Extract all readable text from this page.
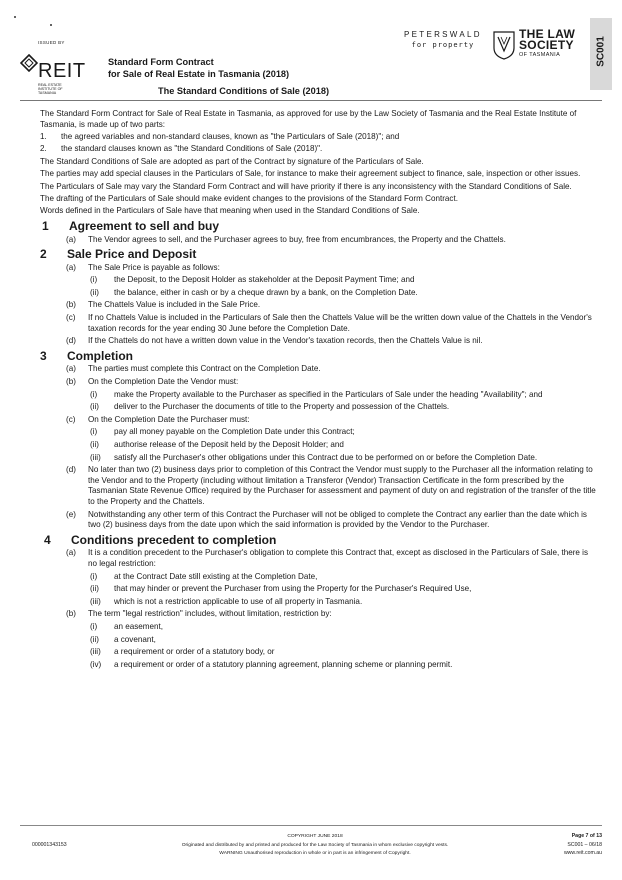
ISSUED BY
REIT
REAL ESTATE INSTITUTE OF TASMANIA
Standard Form Contract
for Sale of Real Estate in Tasmania (2018)
The Standard Conditions of Sale (2018)
PETERSWALD
for property
THE LAW
SOCIETY
OF TASMANIA	SC001

The Standard Form Contract for Sale of Real Estate in Tasmania, as approved for use by the Law Society of Tasmania and the Real Estate Institute of Tasmania, is made up of two parts:

1.	the agreed variables and non-standard clauses, known as "the Particulars of Sale (2018)"; and
2.	the standard clauses known as "the Standard Conditions of Sale (2018)".

The Standard Conditions of Sale are adopted as part of the Contract by signature of the Particulars of Sale.

The parties may add special clauses in the Particulars of Sale, for instance to make their agreement subject to finance, sale, inspection or other issues.

The Particulars of Sale may vary the Standard Form Contract and will have priority if there is any inconsistency with the Standard Conditions of Sale.

The drafting of the Particulars of Sale should make evident changes to the provisions of the Standard Form Contract.

Words defined in the Particulars of Sale have that meaning when used in the Standard Conditions of Sale.

1	Agreement to sell and buy
(a)	The Vendor agrees to sell, and the Purchaser agrees to buy, free from encumbrances, the Property and the Chattels.
2	Sale Price and Deposit
(a)	The Sale Price is payable as follows:
(i)	the Deposit, to the Deposit Holder as stakeholder at the Deposit Payment Time; and
(ii)	the balance, either in cash or by a cheque drawn by a bank, on the Completion Date.
(b)	The Chattels Value is included in the Sale Price.
(c)	If no Chattels Value is included in the Particulars of Sale then the Chattels Value will be the written down value of the Chattels in the Vendor's taxation records for the year ending 30 June before the Completion Date.
(d)	If the Chattels do not have a written down value in the Vendor's taxation records, then the Chattels Value is nil.
3	Completion
(a)	The parties must complete this Contract on the Completion Date.
(b)	On the Completion Date the Vendor must:
(i)	make the Property available to the Purchaser as specified in the Particulars of Sale under the heading "Availability"; and
(ii)	deliver to the Purchaser the documents of title to the Property and possession of the Chattels.
(c)	On the Completion Date the Purchaser must:
(i)	pay all money payable on the Completion Date under this Contract;
(ii)	authorise release of the Deposit held by the Deposit Holder; and
(iii)	satisfy all the Purchaser's other obligations under this Contract due to be performed on or before the Completion Date.
(d)	No later than two (2) business days prior to completion of this Contract the Vendor must supply to the Purchaser all the information relating to the Vendor and to the Property (including without limitation a Transferor (Vendor) Transaction Certificate in the form prescribed by the Tasmanian State Revenue Office) required by the Purchaser for assessment and payment of duty on and registration of the transfer of the title to the Property and the Chattels.
(e)	Notwithstanding any other term of this Contract the Purchaser will not be obliged to complete the Contract any earlier than the date which is two (2) business days from the date upon which the said information is provided by the Vendor to the Purchaser.
4	Conditions precedent to completion
(a)	It is a condition precedent to the Purchaser's obligation to complete this Contract that, except as disclosed in the Particulars of Sale, there is no legal restriction:
(i)	at the Contract Date still existing at the Completion Date,
(ii)	that may hinder or prevent the Purchaser from using the Property for the Purchaser's Required Use,
(iii)	which is not a restriction applicable to use of all property in Tasmania.
(b)	The term "legal restriction" includes, without limitation, restriction by:
(i)	an easement,
(ii)	a covenant,
(iii)	a requirement or order of a statutory body, or
(iv)	a requirement or order of a statutory planning agreement, planning scheme or planning permit.
000001343153
COPYRIGHT JUNE 2018
Originated and distributed by and printed and produced for the Law Society of Tasmania in whom exclusive copyright vests.
WARNING Unauthorised reproduction in whole or in part is an infringement of Copyright.
Page 7 of 13
SC001 – 06/18
www.reit.com.au
